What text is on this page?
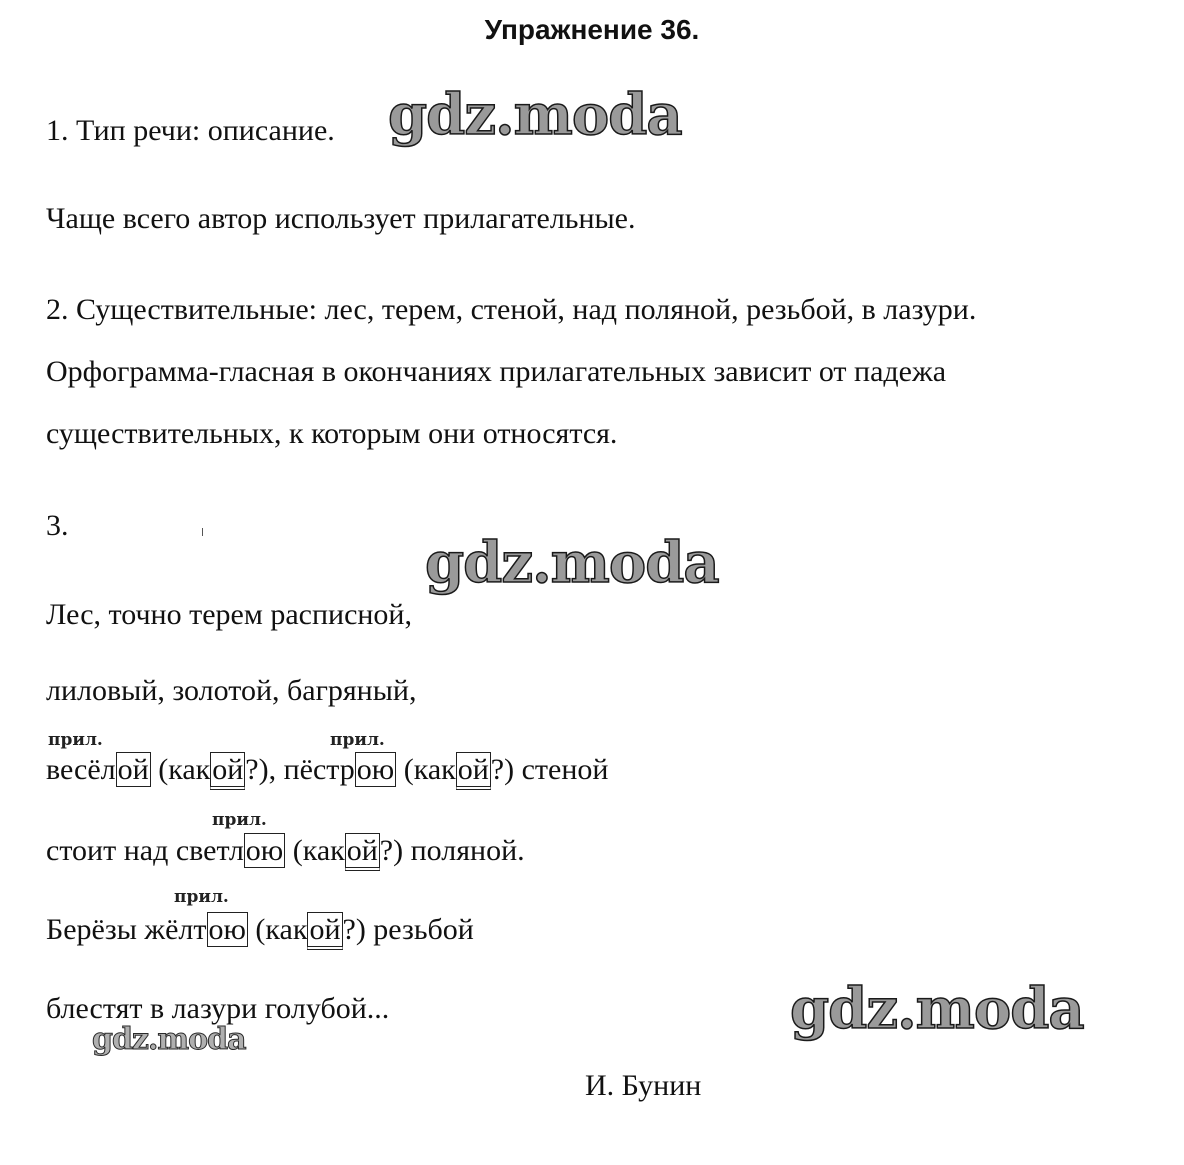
Упражнение 36.
1. Тип речи: описание. gdz.moda
Чаще всего автор использует прилагательные.
2. Существительные: лес, терем, стеной, над поляной, резьбой, в лазури.
Орфограмма-гласная в окончаниях прилагательных зависит от падежа
существительных, к которым они относятся.
3.
gdz.moda
Лес, точно терем расписной,
лиловый, золотой, багряный,
прил.	прил.
весёлой (какой?), пёстрою (какой?) стеной
прил.
стоит над светлою (какой?) поляной.
прил.
Берёзы жёлтою (какой?) резьбой
gdz.moda
блестят в лазури голубой...
gdz.moda
И. Бунин
